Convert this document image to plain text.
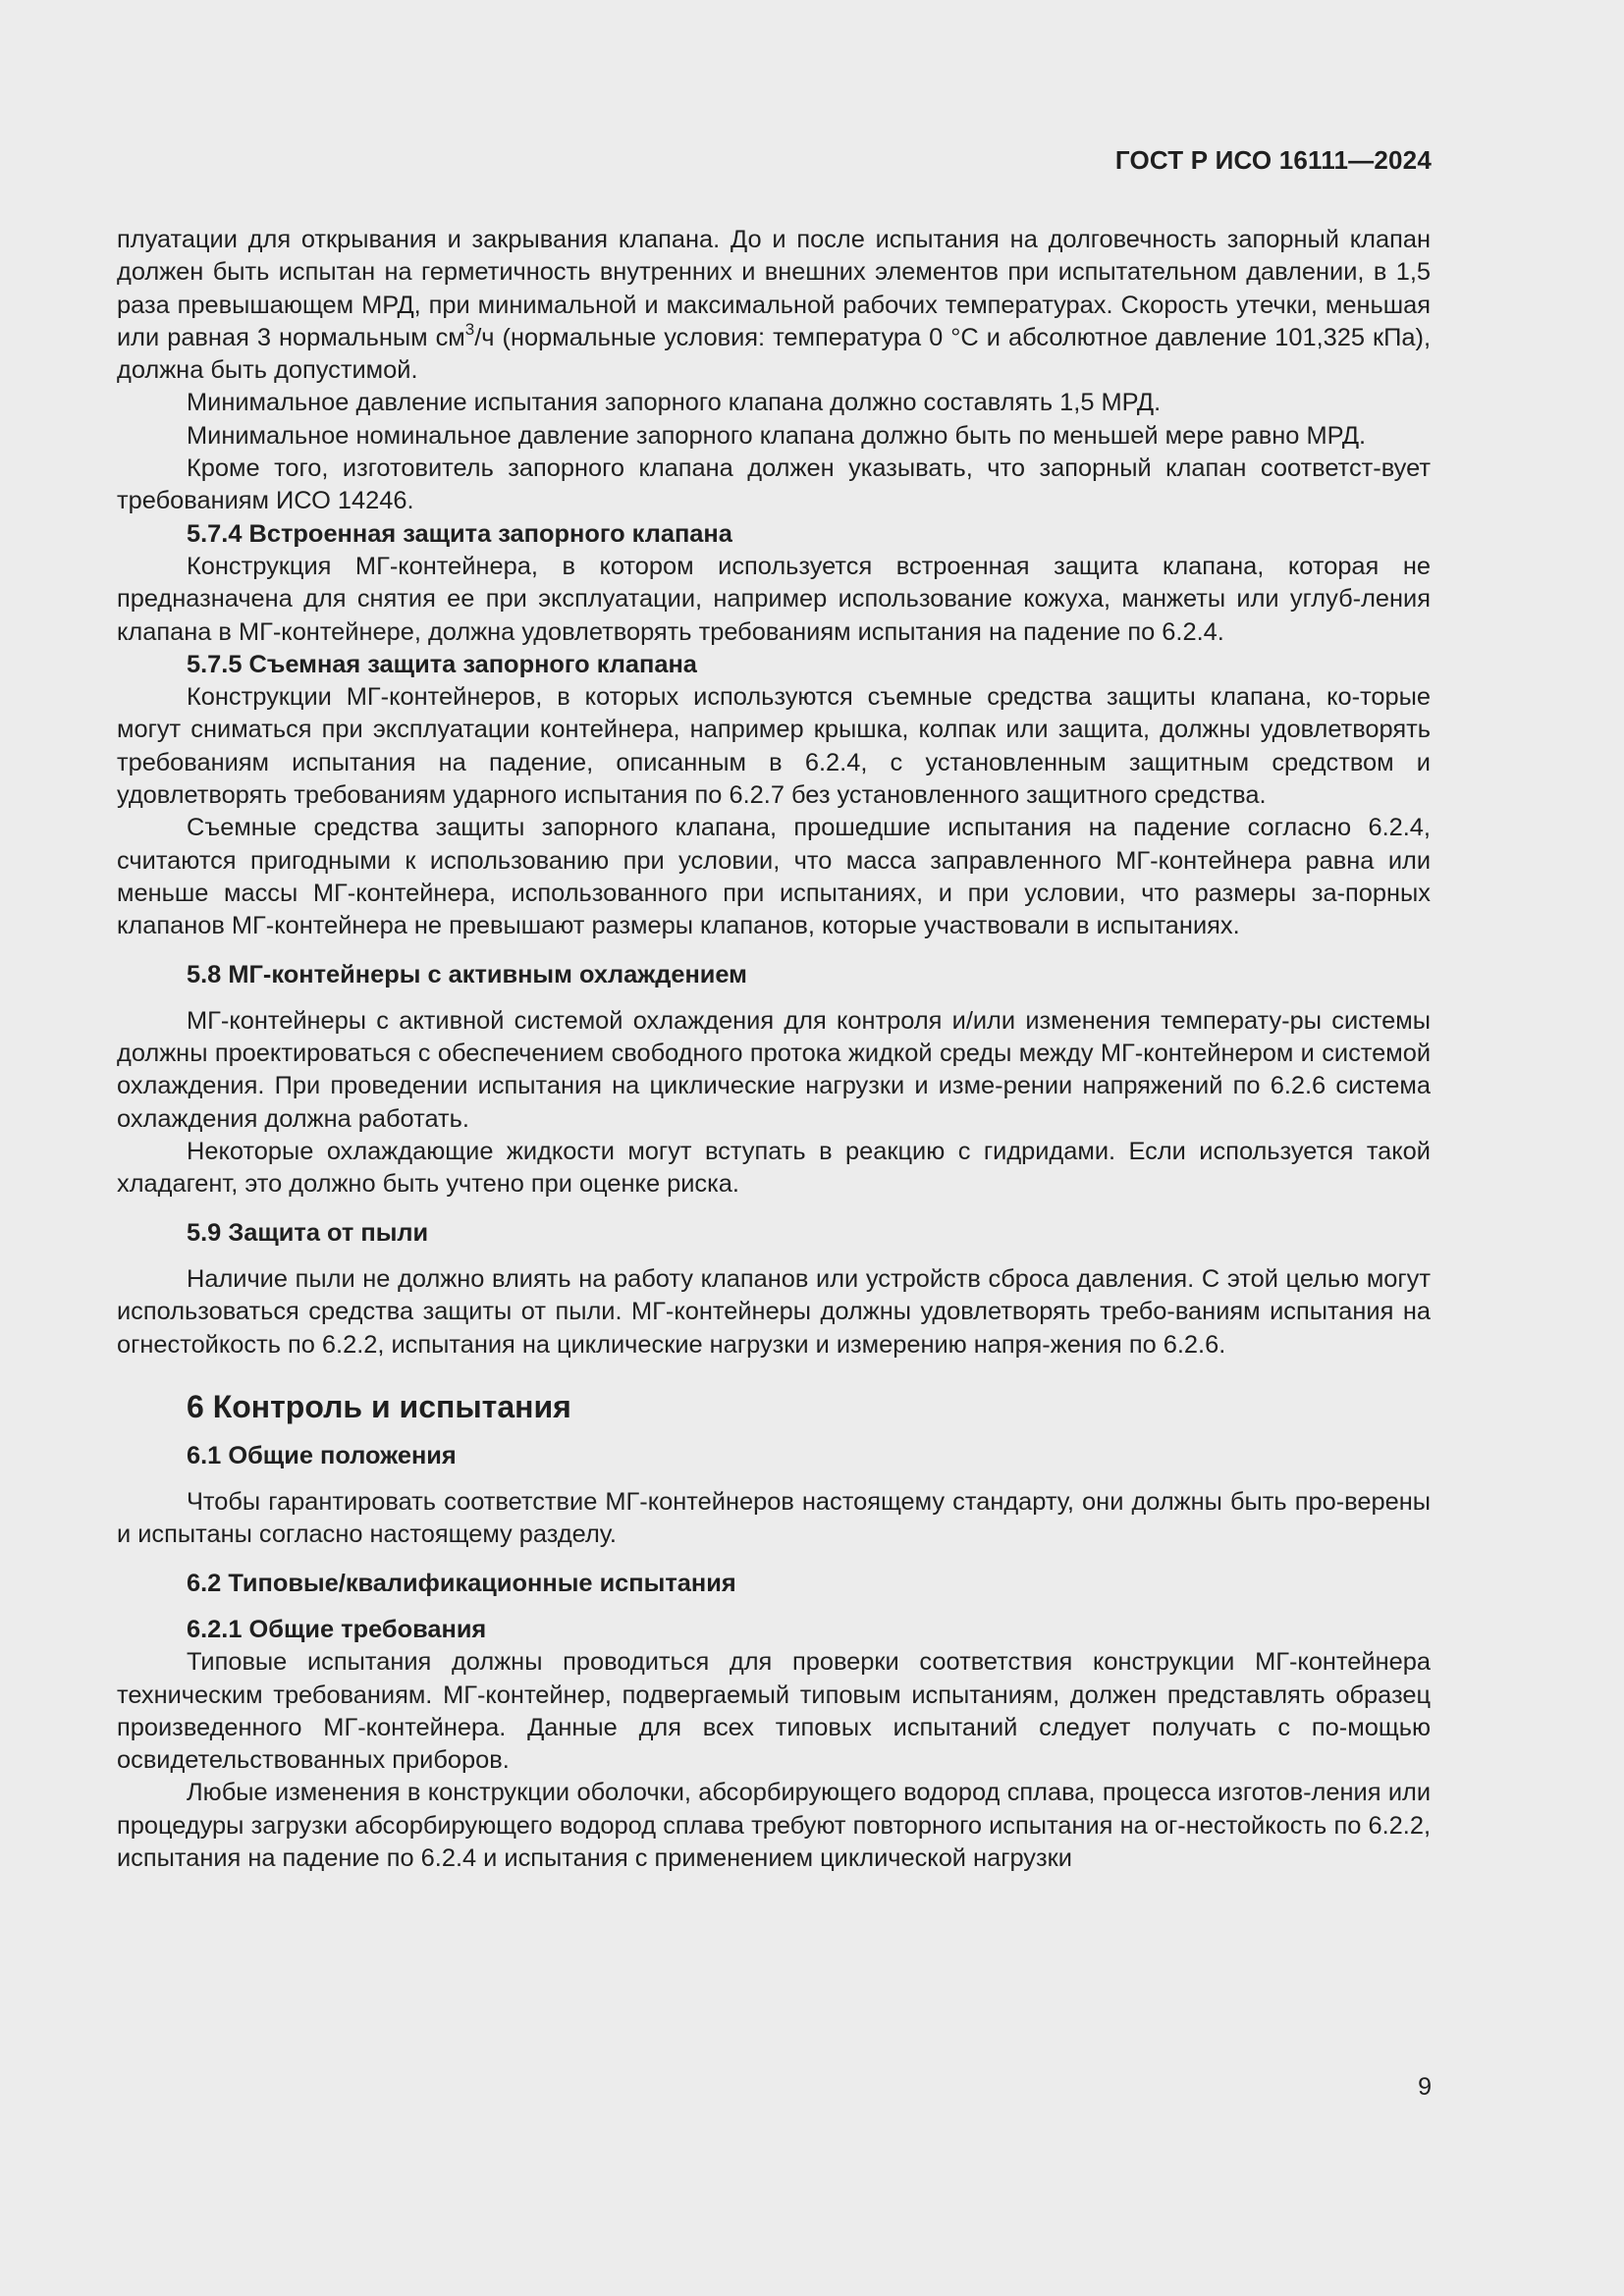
ГОСТ Р ИСО 16111—2024

плуатации для открывания и закрывания клапана. До и после испытания на долговечность запорный клапан должен быть испытан на герметичность внутренних и внешних элементов при испытательном давлении, в 1,5 раза превышающем МРД, при минимальной и максимальной рабочих температурах. Скорость утечки, меньшая или равная 3 нормальным $см^3/ч$ (нормальные условия: температура 0 °С и абсолютное давление 101,325 кПа), должна быть допустимой.

Минимальное давление испытания запорного клапана должно составлять 1,5 МРД.

Минимальное номинальное давление запорного клапана должно быть по меньшей мере равно МРД.

Кроме того, изготовитель запорного клапана должен указывать, что запорный клапан соответст-вует требованиям ИСО 14246.

5.7.4 Встроенная защита запорного клапана

Конструкция МГ-контейнера, в котором используется встроенная защита клапана, которая не предназначена для снятия ее при эксплуатации, например использование кожуха, манжеты или углуб-ления клапана в МГ-контейнере, должна удовлетворять требованиям испытания на падение по 6.2.4.

5.7.5 Съемная защита запорного клапана

Конструкции МГ-контейнеров, в которых используются съемные средства защиты клапана, ко-торые могут сниматься при эксплуатации контейнера, например крышка, колпак или защита, должны удовлетворять требованиям испытания на падение, описанным в 6.2.4, с установленным защитным средством и удовлетворять требованиям ударного испытания по 6.2.7 без установленного защитного средства.

Съемные средства защиты запорного клапана, прошедшие испытания на падение согласно 6.2.4, считаются пригодными к использованию при условии, что масса заправленного МГ-контейнера равна или меньше массы МГ-контейнера, использованного при испытаниях, и при условии, что размеры за-порных клапанов МГ-контейнера не превышают размеры клапанов, которые участвовали в испытаниях.

5.8 МГ-контейнеры с активным охлаждением

МГ-контейнеры с активной системой охлаждения для контроля и/или изменения температу-ры системы должны проектироваться с обеспечением свободного протока жидкой среды между МГ-контейнером и системой охлаждения. При проведении испытания на циклические нагрузки и изме-рении напряжений по 6.2.6 система охлаждения должна работать.

Некоторые охлаждающие жидкости могут вступать в реакцию с гидридами. Если используется такой хладагент, это должно быть учтено при оценке риска.

5.9 Защита от пыли

Наличие пыли не должно влиять на работу клапанов или устройств сброса давления. С этой целью могут использоваться средства защиты от пыли. МГ-контейнеры должны удовлетворять требо-ваниям испытания на огнестойкость по 6.2.2, испытания на циклические нагрузки и измерению напря-жения по 6.2.6.

6 Контроль и испытания
6.1 Общие положения

Чтобы гарантировать соответствие МГ-контейнеров настоящему стандарту, они должны быть про-верены и испытаны согласно настоящему разделу.

6.2 Типовые/квалификационные испытания
6.2.1 Общие требования

Типовые испытания должны проводиться для проверки соответствия конструкции МГ-контейнера техническим требованиям. МГ-контейнер, подвергаемый типовым испытаниям, должен представлять образец произведенного МГ-контейнера. Данные для всех типовых испытаний следует получать с по-мощью освидетельствованных приборов.

Любые изменения в конструкции оболочки, абсорбирующего водород сплава, процесса изготов-ления или процедуры загрузки абсорбирующего водород сплава требуют повторного испытания на ог-нестойкость по 6.2.2, испытания на падение по 6.2.4 и испытания с применением циклической нагрузки

9
